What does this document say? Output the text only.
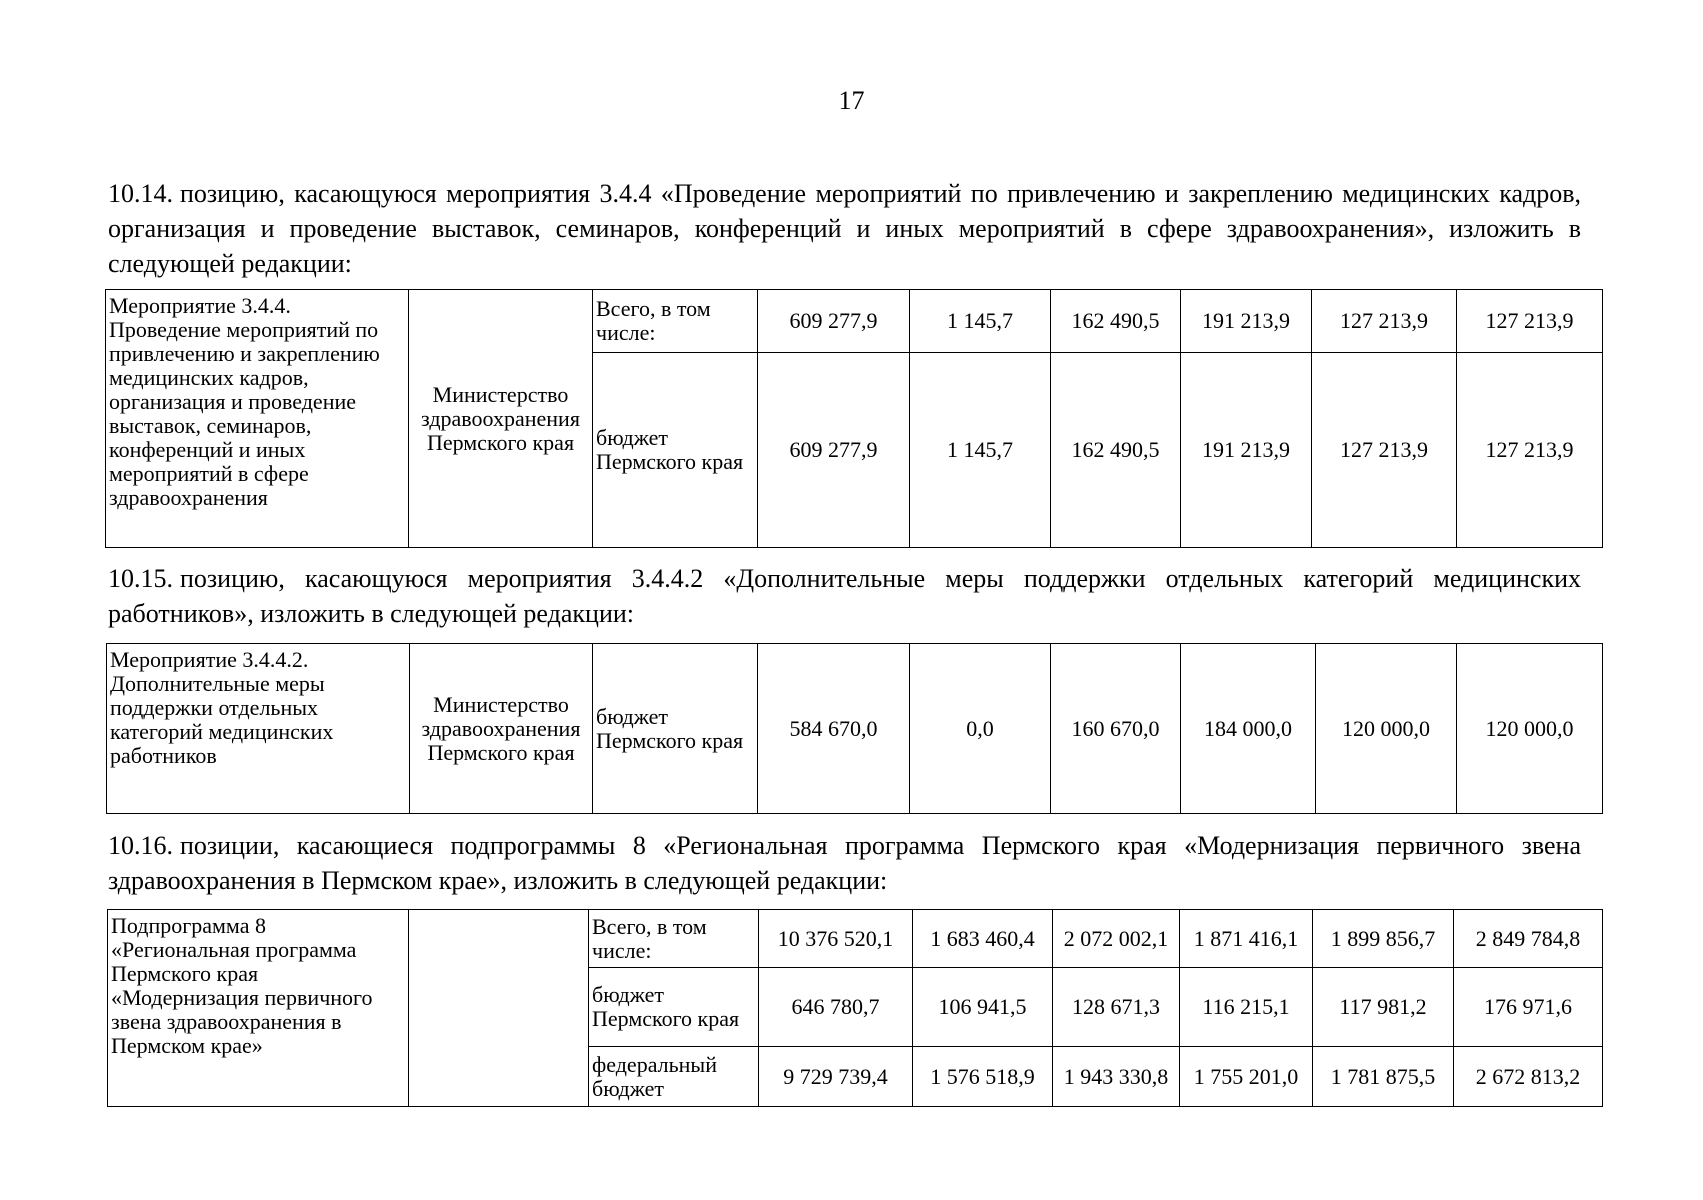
17
10.14. позицию, касающуюся мероприятия 3.4.4 «Проведение мероприятий по привлечению и закреплению медицинских кадров, организация и проведение выставок, семинаров, конференций и иных мероприятий в сфере здравоохранения», изложить в следующей редакции:
Мероприятие 3.4.4. Проведение мероприятий по привлечению и закреплению медицинских кадров, организация и проведение выставок, семинаров, конференций и иных мероприятий в сфере здравоохранения	Министерство здравоохранения Пермского края	Всего, в том числе:	609 277,9	1 145,7	162 490,5	191 213,9	127 213,9	127 213,9
		бюджет Пермского края	609 277,9	1 145,7	162 490,5	191 213,9	127 213,9	127 213,9
10.15. позицию, касающуюся мероприятия 3.4.4.2 «Дополнительные меры поддержки отдельных категорий медицинских работников», изложить в следующей редакции:
Мероприятие 3.4.4.2. Дополнительные меры поддержки отдельных категорий медицинских работников	Министерство здравоохранения Пермского края	бюджет Пермского края	584 670,0	0,0	160 670,0	184 000,0	120 000,0	120 000,0
10.16. позиции, касающиеся подпрограммы 8 «Региональная программа Пермского края «Модернизация первичного звена здравоохранения в Пермском крае», изложить в следующей редакции:
Подпрограмма 8 «Региональная программа Пермского края «Модернизация первичного звена здравоохранения в Пермском крае»		Всего, в том числе:	10 376 520,1	1 683 460,4	2 072 002,1	1 871 416,1	1 899 856,7	2 849 784,8
		бюджет Пермского края	646 780,7	106 941,5	128 671,3	116 215,1	117 981,2	176 971,6
		федеральный бюджет	9 729 739,4	1 576 518,9	1 943 330,8	1 755 201,0	1 781 875,5	2 672 813,2
